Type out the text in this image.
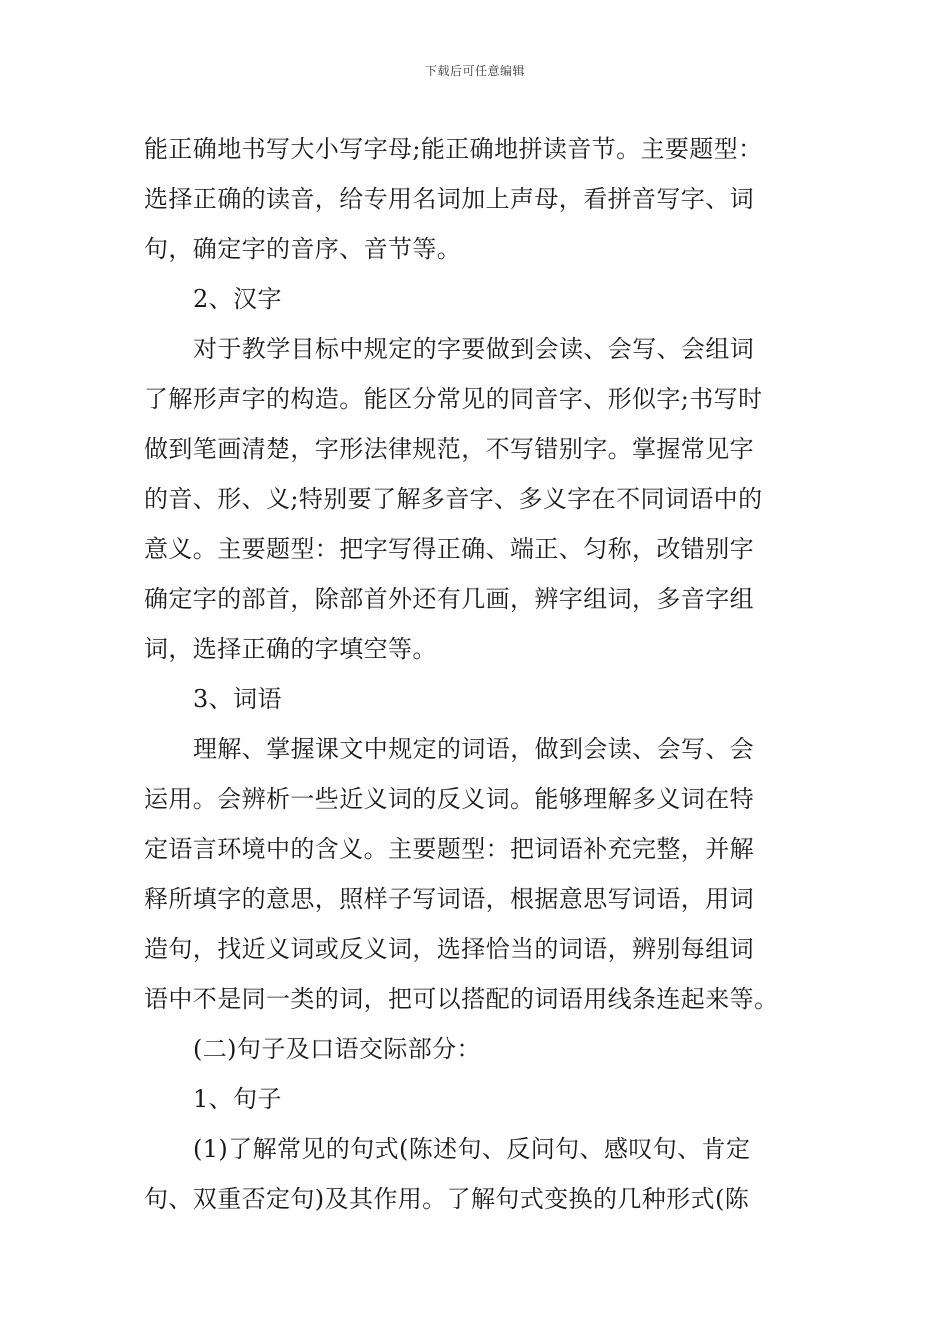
下载后可任意编辑
能正确地书写大小写字母;能正确地拼读音节。主要题型：
选择正确的读音，给专用名词加上声母，看拼音写字、词
句，确定字的音序、音节等。
2、汉字
对于教学目标中规定的字要做到会读、会写、会组词
了解形声字的构造。能区分常见的同音字、形似字;书写时
做到笔画清楚，字形法律规范，不写错别字。掌握常见字
的音、形、义;特别要了解多音字、多义字在不同词语中的
意义。主要题型：把字写得正确、端正、匀称，改错别字
确定字的部首，除部首外还有几画，辨字组词，多音字组
词，选择正确的字填空等。
3、词语
理解、掌握课文中规定的词语，做到会读、会写、会
运用。会辨析一些近义词的反义词。能够理解多义词在特
定语言环境中的含义。主要题型：把词语补充完整，并解
释所填字的意思，照样子写词语，根据意思写词语，用词
造句，找近义词或反义词，选择恰当的词语，辨别每组词
语中不是同一类的词，把可以搭配的词语用线条连起来等。
(二)句子及口语交际部分：
1、句子
(1)了解常见的句式(陈述句、反问句、感叹句、肯定
句、双重否定句)及其作用。了解句式变换的几种形式(陈
